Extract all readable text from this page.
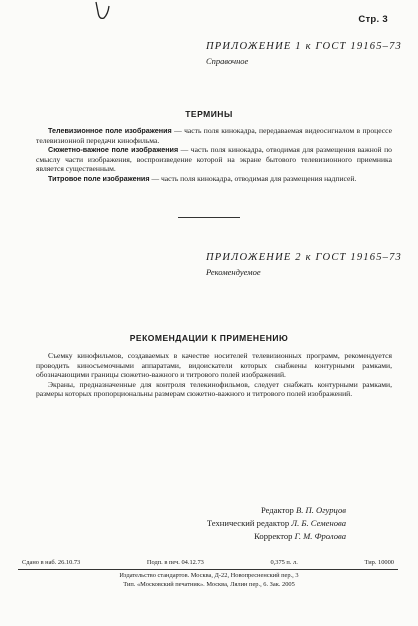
Стр. 3
ПРИЛОЖЕНИЕ 1 к ГОСТ 19165–73
Справочное
ТЕРМИНЫ

Телевизионное поле изображения — часть поля кинокадра, передаваемая видеосигналом в процессе телевизионной передачи кинофильма.

Сюжетно-важное поле изображения — часть поля кинокадра, отводимая для размещения важной по смыслу части изображения, воспроизведение которой на экране бытового телевизионного приемника является существенным.

Титровое поле изображения — часть поля кинокадра, отводимая для размещения надписей.

ПРИЛОЖЕНИЕ 2 к ГОСТ 19165–73
Рекомендуемое
РЕКОМЕНДАЦИИ К ПРИМЕНЕНИЮ

Съемку кинофильмов, создаваемых в качестве носителей телевизионных программ, рекомендуется проводить киносъемочными аппаратами, видоискатели которых снабжены контурными рамками, обозначающими границы сюжетно-важного и титрового полей изображений.

Экраны, предназначенные для контроля телекинофильмов, следует снабжать контурными рамками, размеры которых пропорциональны размерам сюжетно-важного и титрового полей изображений.

Редактор В. П. Огурцов
Технический редактор Л. Б. Семенова
Корректор Г. М. Фролова
Сдано в наб. 26.10.73	Подп. в печ. 04.12.73	0,375 п. л.	Тир. 10000
Издательство стандартов. Москва, Д-22, Новопресненский пер., 3
Тип. «Московский печатник». Москва, Лялин пер., 6. Зак. 2005
